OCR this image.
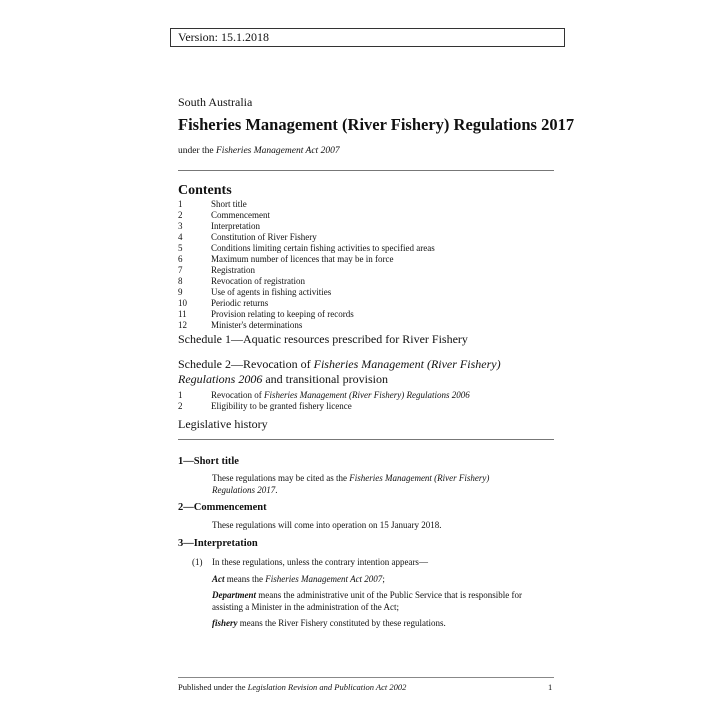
Version: 15.1.2018
South Australia
Fisheries Management (River Fishery) Regulations 2017
under the Fisheries Management Act 2007
Contents
1	Short title
2	Commencement
3	Interpretation
4	Constitution of River Fishery
5	Conditions limiting certain fishing activities to specified areas
6	Maximum number of licences that may be in force
7	Registration
8	Revocation of registration
9	Use of agents in fishing activities
10	Periodic returns
11	Provision relating to keeping of records
12	Minister's determinations
Schedule 1—Aquatic resources prescribed for River Fishery
Schedule 2—Revocation of Fisheries Management (River Fishery)
Regulations 2006 and transitional provision
1	Revocation of Fisheries Management (River Fishery) Regulations 2006
2	Eligibility to be granted fishery licence
Legislative history
1—Short title
These regulations may be cited as the Fisheries Management (River Fishery)
Regulations 2017.
2—Commencement
These regulations will come into operation on 15 January 2018.
3—Interpretation
(1) In these regulations, unless the contrary intention appears—
Act means the Fisheries Management Act 2007;
Department means the administrative unit of the Public Service that is responsible for
assisting a Minister in the administration of the Act;
fishery means the River Fishery constituted by these regulations.
Published under the Legislation Revision and Publication Act 2002	1
